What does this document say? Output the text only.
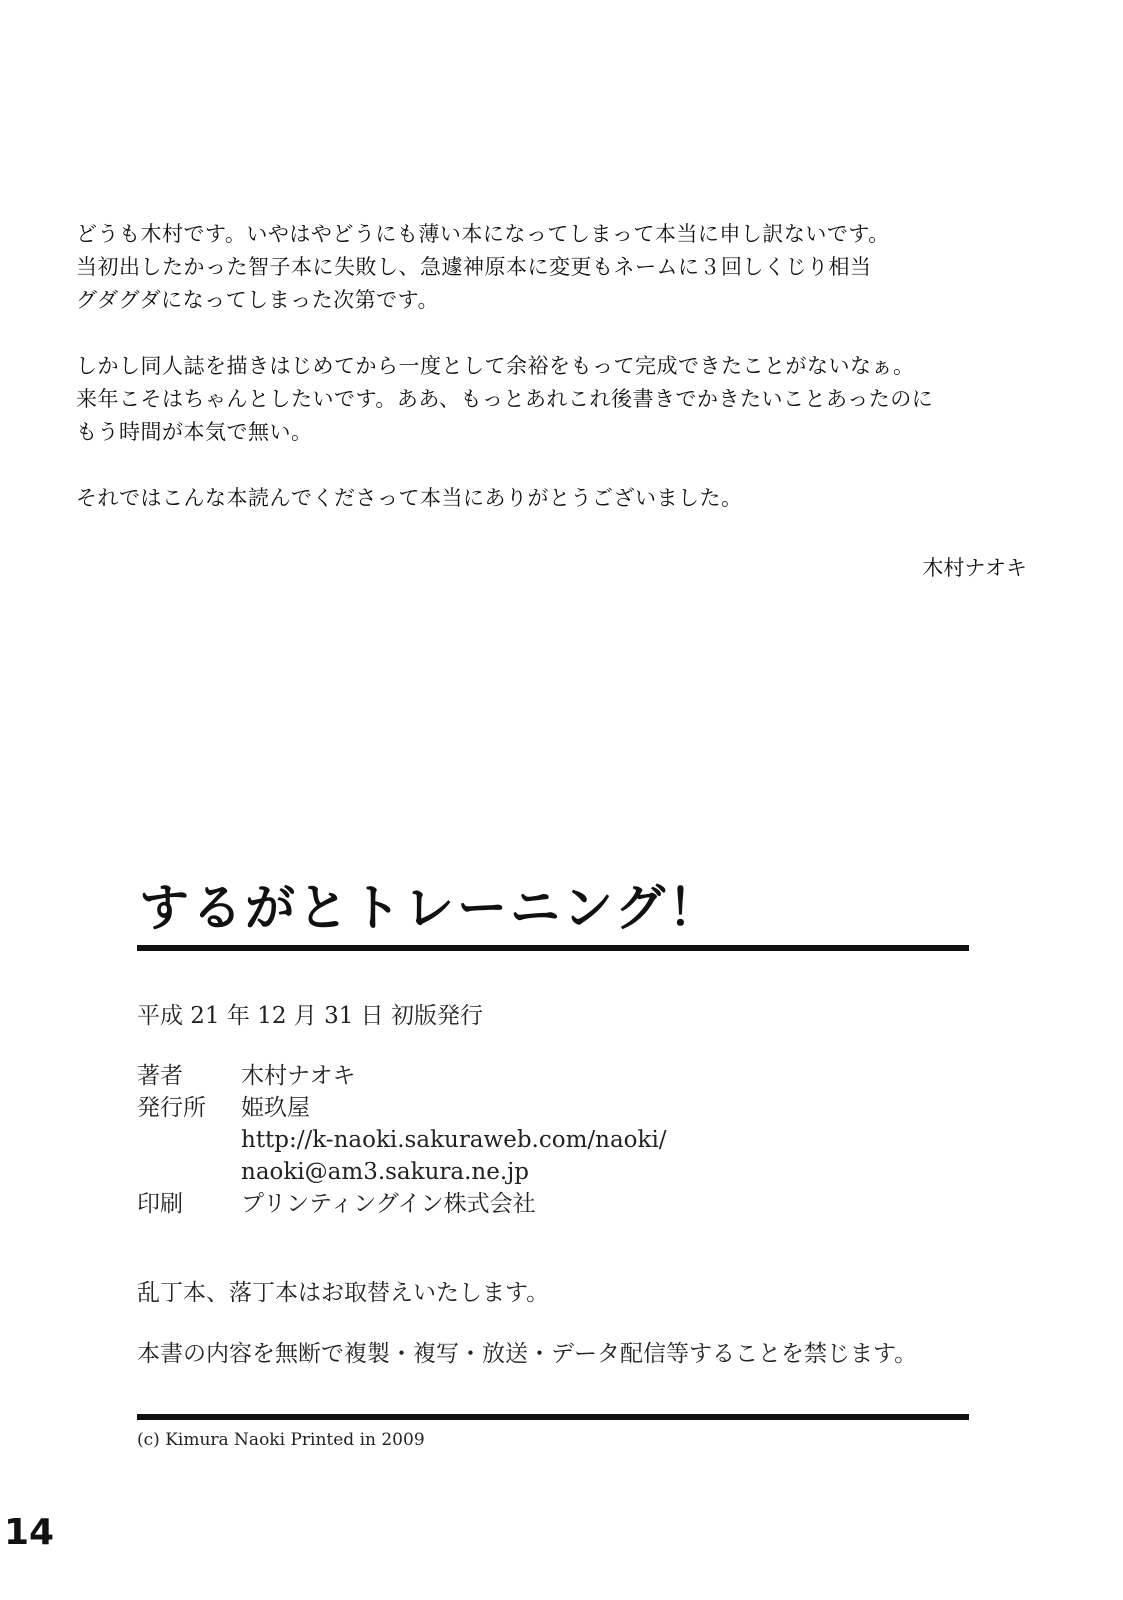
どうも木村です。いやはやどうにも薄い本になってしまって本当に申し訳ないです。
当初出したかった智子本に失敗し、急遽神原本に変更もネームに３回しくじり相当
グダグダになってしまった次第です。

しかし同人誌を描きはじめてから一度として余裕をもって完成できたことがないなぁ。
来年こそはちゃんとしたいです。ああ、もっとあれこれ後書きでかきたいことあったのに
もう時間が本気で無い。

それではこんな本読んでくださって本当にありがとうございました。

木村ナオキ
するがとトレーニング！
平成 21 年 12 月 31 日 初版発行
著者	木村ナオキ
発行所	姫玖屋
http://k-naoki.sakuraweb.com/naoki/
naoki@am3.sakura.ne.jp
印刷	プリンティングイン株式会社
乱丁本、落丁本はお取替えいたします。
本書の内容を無断で複製・複写・放送・データ配信等することを禁じます。
(c) Kimura Naoki Printed in 2009
14
